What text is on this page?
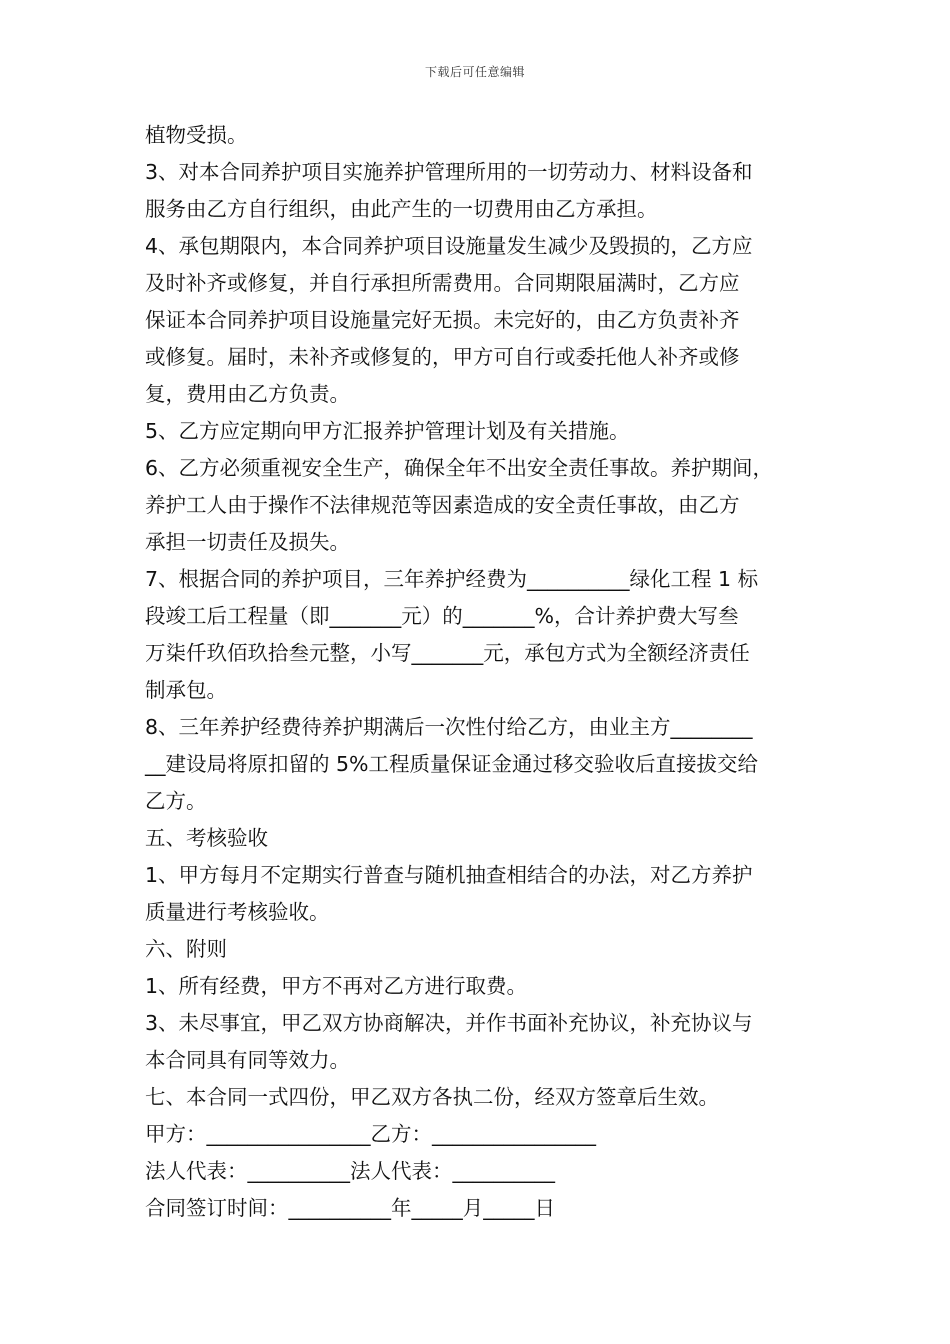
下载后可任意编辑
植物受损。
3、对本合同养护项目实施养护管理所用的一切劳动力、材料设备和
服务由乙方自行组织，由此产生的一切费用由乙方承担。
4、承包期限内，本合同养护项目设施量发生减少及毁损的，乙方应
及时补齐或修复，并自行承担所需费用。合同期限届满时，乙方应
保证本合同养护项目设施量完好无损。未完好的，由乙方负责补齐
或修复。届时，未补齐或修复的，甲方可自行或委托他人补齐或修
复，费用由乙方负责。
5、乙方应定期向甲方汇报养护管理计划及有关措施。
6、乙方必须重视安全生产，确保全年不出安全责任事故。养护期间，
养护工人由于操作不法律规范等因素造成的安全责任事故，由乙方
承担一切责任及损失。
7、根据合同的养护项目，三年养护经费为__________绿化工程 1 标
段竣工后工程量（即_______元）的_______%，合计养护费大写叁
万柒仟玖佰玖拾叁元整，小写_______元，承包方式为全额经济责任
制承包。
8、三年养护经费待养护期满后一次性付给乙方，由业主方________
__建设局将原扣留的 5%工程质量保证金通过移交验收后直接拔交给
乙方。
五、考核验收
1、甲方每月不定期实行普查与随机抽查相结合的办法，对乙方养护
质量进行考核验收。
六、附则
1、所有经费，甲方不再对乙方进行取费。
3、未尽事宜，甲乙双方协商解决，并作书面补充协议，补充协议与
本合同具有同等效力。
七、本合同一式四份，甲乙双方各执二份，经双方签章后生效。
甲方：________________乙方：________________
法人代表：__________法人代表：__________
合同签订时间：__________年_____月_____日
